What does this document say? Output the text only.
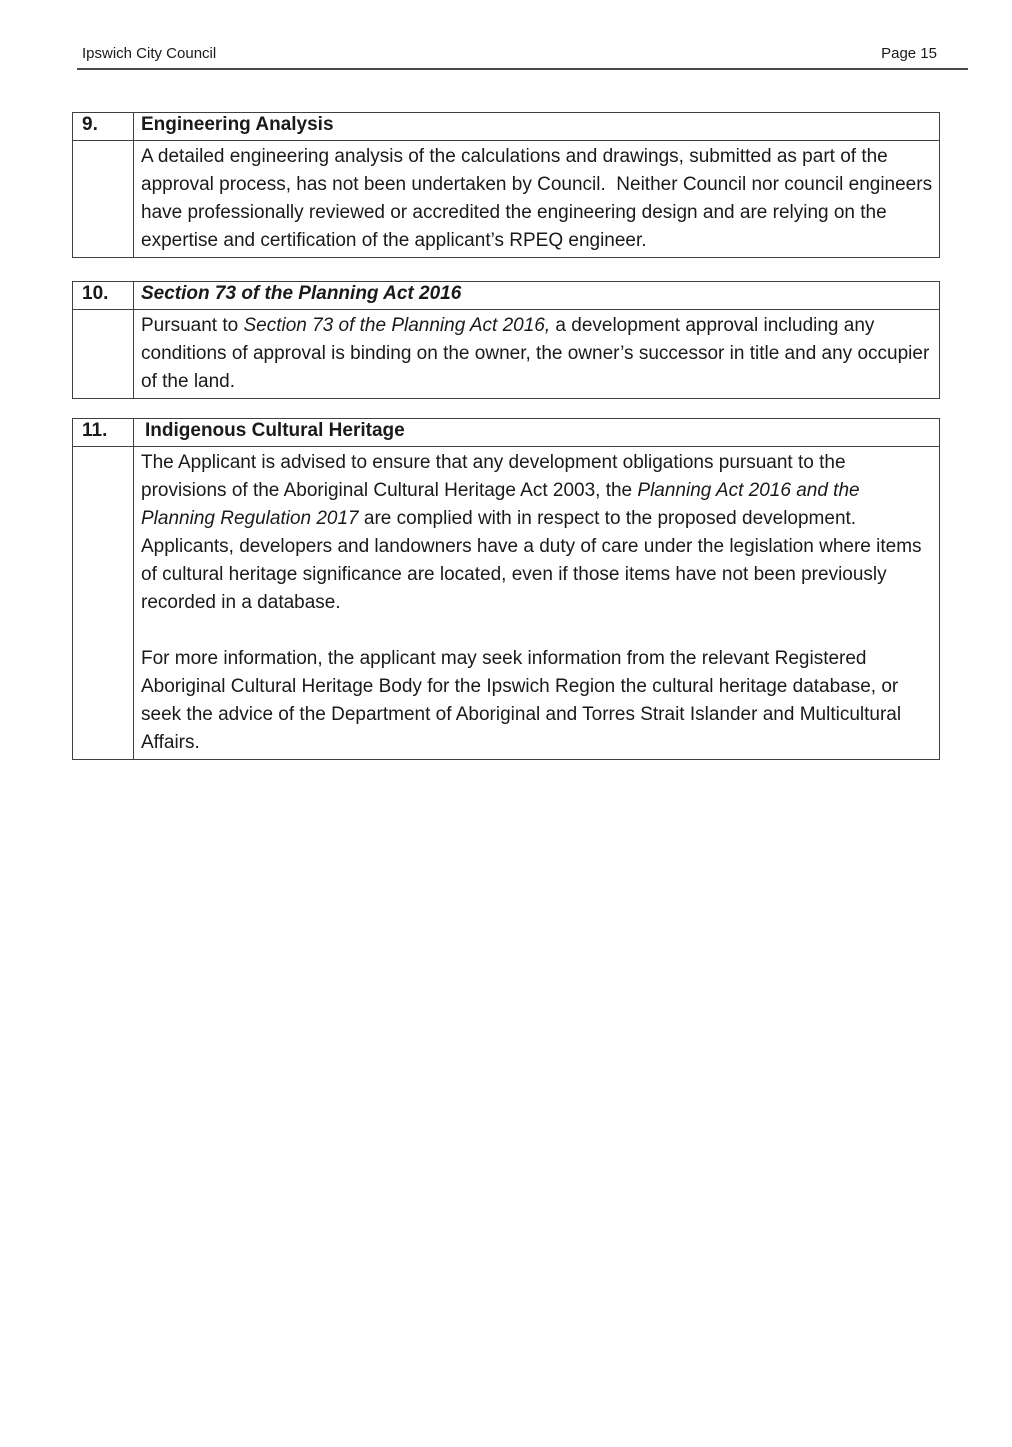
Ipswich City Council	Page 15
9.	Engineering Analysis

	A detailed engineering analysis of the calculations and drawings, submitted as part of the approval process, has not been undertaken by Council.  Neither Council nor council engineers have professionally reviewed or accredited the engineering design and are relying on the expertise and certification of the applicant’s RPEQ engineer.

10.	Section 73 of the Planning Act 2016

	Pursuant to Section 73 of the Planning Act 2016, a development approval including any conditions of approval is binding on the owner, the owner’s successor in title and any occupier of the land.

11.	Indigenous Cultural Heritage

	The Applicant is advised to ensure that any development obligations pursuant to the provisions of the Aboriginal Cultural Heritage Act 2003, the Planning Act 2016 and the Planning Regulation 2017 are complied with in respect to the proposed development. Applicants, developers and landowners have a duty of care under the legislation where items of cultural heritage significance are located, even if those items have not been previously recorded in a database.

For more information, the applicant may seek information from the relevant Registered Aboriginal Cultural Heritage Body for the Ipswich Region the cultural heritage database, or seek the advice of the Department of Aboriginal and Torres Strait Islander and Multicultural Affairs.
